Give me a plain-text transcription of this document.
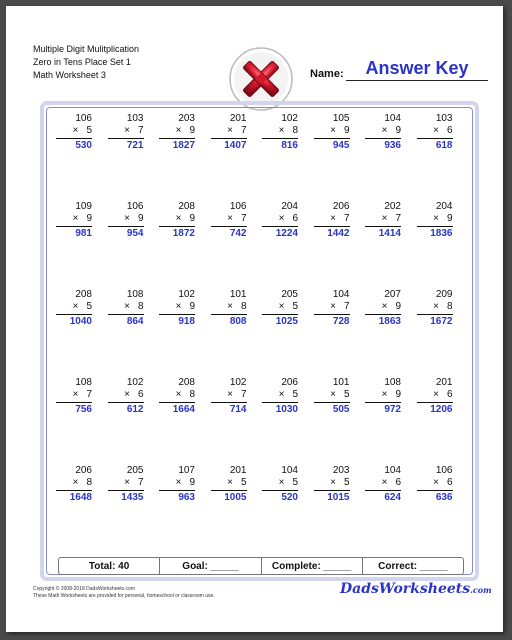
Multiple Digit Mulitplication
Zero in Tens Place Set 1
Math Worksheet 3	Name:	Answer Key
Total: 40	Goal: _____	Complete: _____	Correct: _____
Copyright © 2008-2018 DadsWorksheets.com
These Math Worksheets are provided for personal, homeschool or classroom use.	DadsWorksheets.com
106
× 5
530
103
× 7
721
203
× 9
1827
201
× 7
1407
102
× 8
816
105
× 9
945
104
× 9
936
103
× 6
618
109
× 9
981
106
× 9
954
208
× 9
1872
106
× 7
742
204
× 6
1224
206
× 7
1442
202
× 7
1414
204
× 9
1836
208
× 5
1040
108
× 8
864
102
× 9
918
101
× 8
808
205
× 5
1025
104
× 7
728
207
× 9
1863
209
× 8
1672
108
× 7
756
102
× 6
612
208
× 8
1664
102
× 7
714
206
× 5
1030
101
× 5
505
108
× 9
972
201
× 6
1206
206
× 8
1648
205
× 7
1435
107
× 9
963
201
× 5
1005
104
× 5
520
203
× 5
1015
104
× 6
624
106
× 6
636
